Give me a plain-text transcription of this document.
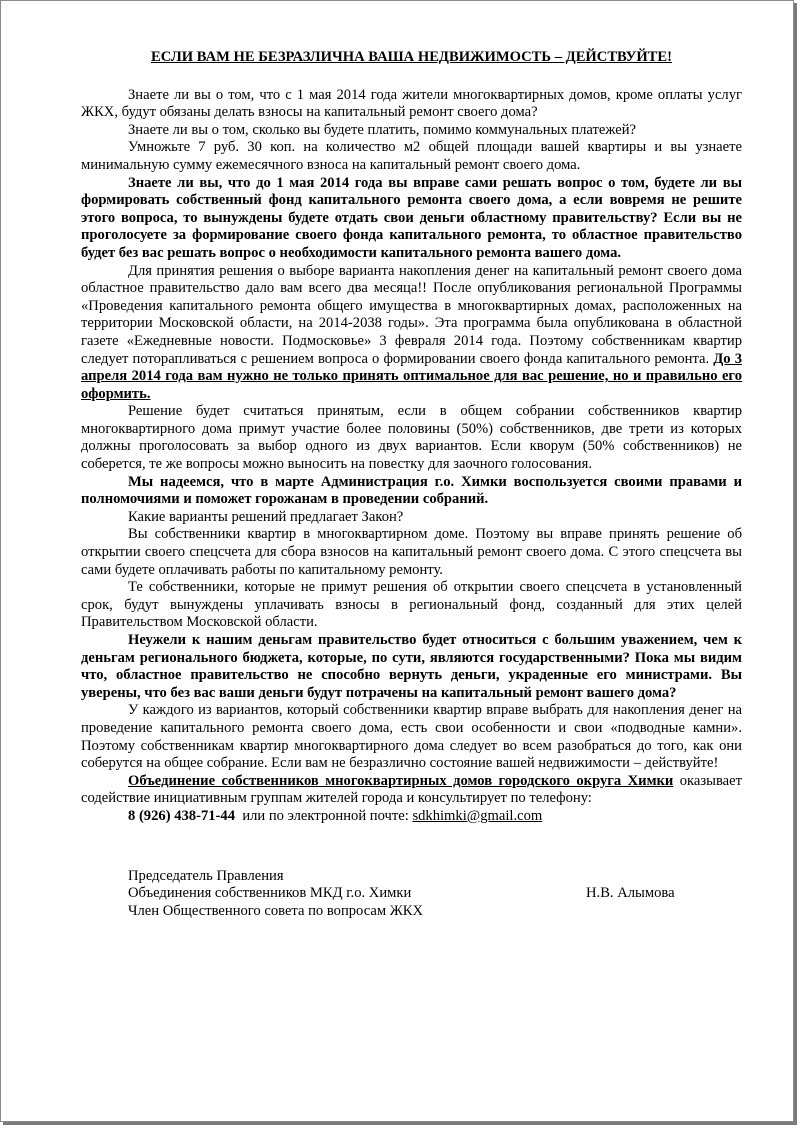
ЕСЛИ ВАМ НЕ БЕЗРАЗЛИЧНА ВАША НЕДВИЖИМОСТЬ – ДЕЙСТВУЙТЕ!

Знаете ли вы о том, что с 1 мая 2014 года жители многоквартирных домов, кроме оплаты услуг ЖКХ, будут обязаны делать взносы на капитальный ремонт своего дома?

Знаете ли вы о том, сколько вы будете платить, помимо коммунальных платежей?

Умножьте 7 руб. 30 коп. на количество м2 общей площади вашей квартиры и вы узнаете минимальную сумму ежемесячного взноса на капитальный ремонт своего дома.

Знаете ли вы, что до 1 мая 2014 года вы вправе сами решать вопрос о том, будете ли вы формировать собственный фонд капитального ремонта своего дома, а если вовремя не решите этого вопроса, то вынуждены будете отдать свои деньги областному правительству? Если вы не проголосуете за формирование своего фонда капитального ремонта, то областное правительство будет без вас решать вопрос о необходимости капитального ремонта вашего дома.

Для принятия решения о выборе варианта накопления денег на капитальный ремонт своего дома областное правительство дало вам всего два месяца!! После опубликования региональной Программы «Проведения капитального ремонта общего имущества в многоквартирных домах, расположенных на территории Московской области, на 2014-2038 годы». Эта программа была опубликована в областной газете «Ежедневные новости. Подмосковье» 3 февраля 2014 года. Поэтому собственникам квартир следует поторапливаться с решением вопроса о формировании своего фонда капитального ремонта. До 3 апреля 2014 года вам нужно не только принять оптимальное для вас решение, но и правильно его оформить.

Решение будет считаться принятым, если в общем собрании собственников квартир многоквартирного дома примут участие более половины (50%) собственников, две трети из которых должны проголосовать за выбор одного из двух вариантов. Если кворум (50% собственников) не соберется, те же вопросы можно выносить на повестку для заочного голосования.

Мы надеемся, что в марте Администрация г.о. Химки воспользуется своими правами и полномочиями и поможет горожанам в проведении собраний.

Какие варианты решений предлагает Закон?

Вы собственники квартир в многоквартирном доме. Поэтому вы вправе принять решение об открытии своего спецсчета для сбора взносов на капитальный ремонт своего дома. С этого спецсчета вы сами будете оплачивать работы по капитальному ремонту.

Те собственники, которые не примут решения об открытии своего спецсчета в установленный срок, будут вынуждены уплачивать взносы в региональный фонд, созданный для этих целей Правительством Московской области.

Неужели к нашим деньгам правительство будет относиться с большим уважением, чем к деньгам регионального бюджета, которые, по сути, являются государственными? Пока мы видим что, областное правительство не способно вернуть деньги, украденные его министрами. Вы уверены, что без вас ваши деньги будут потрачены на капитальный ремонт вашего дома?

У каждого из вариантов, который собственники квартир вправе выбрать для накопления денег на проведение капитального ремонта своего дома, есть свои особенности и свои «подводные камни». Поэтому собственникам квартир многоквартирного дома следует во всем разобраться до того, как они соберутся на общее собрание. Если вам не безразлично состояние вашей недвижимости – действуйте!

Объединение собственников многоквартирных домов городского округа Химки оказывает содействие инициативным группам жителей города и консультирует по телефону:

8 (926) 438-71-44  или по электронной почте: sdkhimki@gmail.com
Председатель Правления
Объединения собственников МКД г.о. Химки	Н.В. Алымова
Член Общественного совета по вопросам ЖКХ
